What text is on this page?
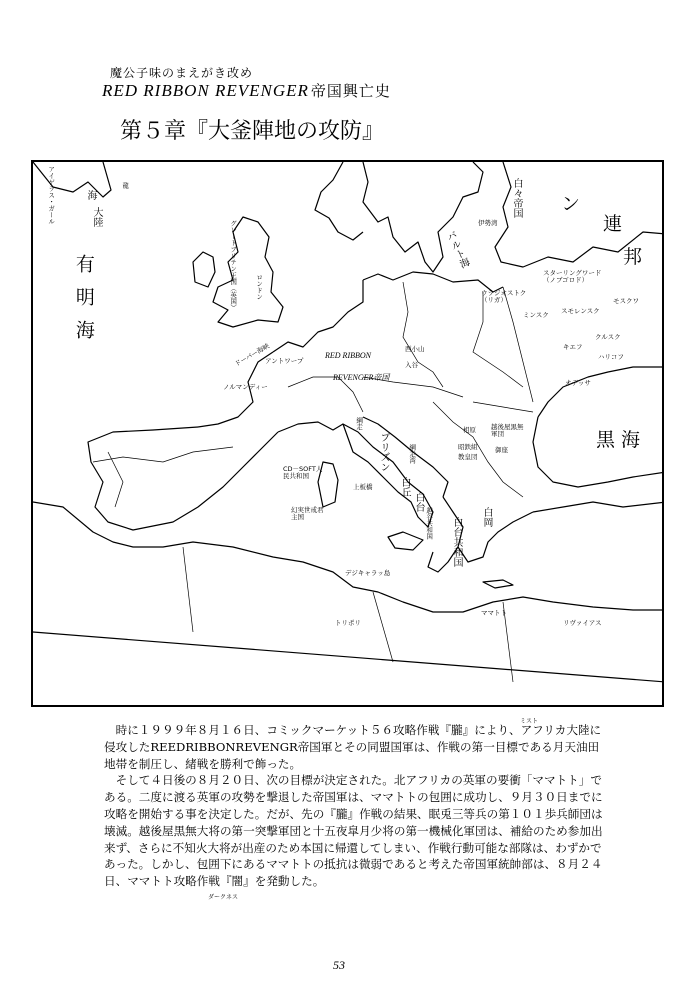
魔公子味のまえがき改め
RED RIBBON REVENGER 帝国興亡史
第５章『大釜陣地の攻防』
有明海
黒海
ン
連
邦
バルト海
海
大陸
龍
アイゲラス・ガール	白々帝国
伊勢湾
グレートブリテン王国（英国）	ロンドン
ドーバー海峡
アントワープ
ノルマンディー
RED RIBBON
REVENGER帝国
西小山
入谷
スターリングワード（ノブゴロド）
ウラジオストク（リガ）
ミンスク スモレンスク
モスクワ
クルスク
キエフ
ハリコフ
オデッサ
越後屋黒無軍団
相原
昭鉄組
教皇団
御座
ブリズン
綱走
綱走湾
CD－SOFT人民共和国
上板橋
幻実世戒君主国
白丘
白台
越谷共和国	白岡
白台共和国
デジキャラッ島
ママトト
トリポリ	リヴァイアス

時に１９９９年８月１６日、コミックマーケット５６攻略作戦『朧』により、アフリカ大陸に侵攻したREEDRIBBONREVENGR帝国軍とその同盟国軍は、作戦の第一目標である月天油田地帯を制圧し、緒戦を勝利で飾った。

そして４日後の８月２０日、次の目標が決定された。北アフリカの英軍の要衝「ママトト」である。二度に渡る英軍の攻勢を撃退した帝国軍は、ママトトの包囲に成功し、９月３０日までに攻略を開始する事を決定した。だが、先の『朧』作戦の結果、眠兎三等兵の第１０１歩兵師団は壊滅。越後屋黒無大将の第一突撃軍団と十五夜皐月少将の第一機械化軍団は、補給のため参加出来ず、さらに不知火大将が出産のため本国に帰還してしまい、作戦行動可能な部隊は、わずかであった。しかし、包囲下にあるママトトの抵抗は微弱であると考えた帝国軍統帥部は、８月２４日、ママトト攻略作戦『闇』を発動した。

ミスト
ダークネス
53
